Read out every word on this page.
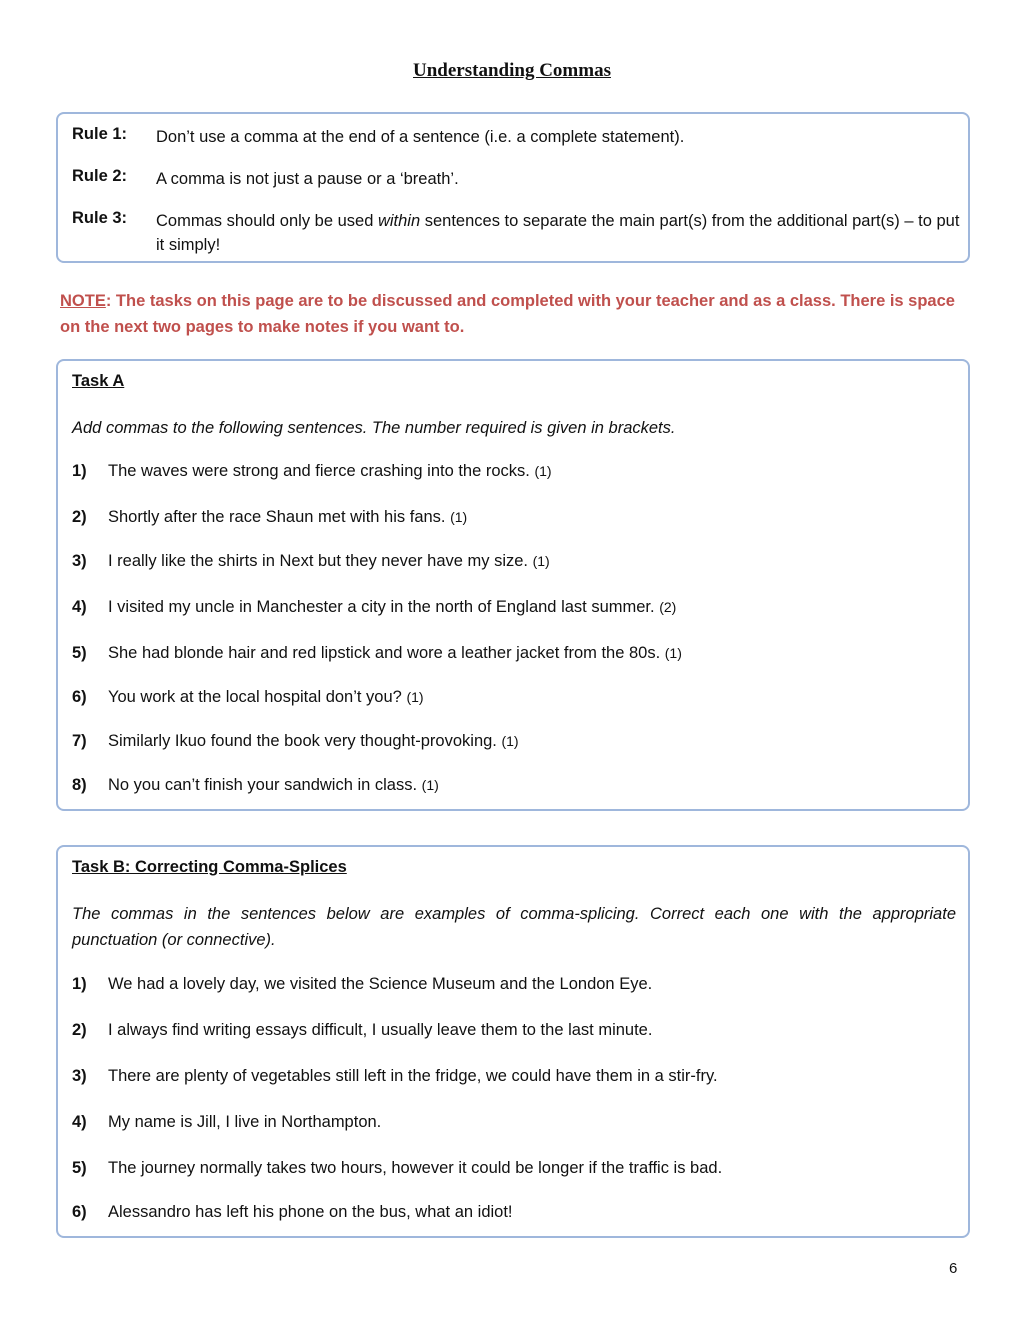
Understanding Commas
Rule 1: Don’t use a comma at the end of a sentence (i.e. a complete statement).
Rule 2: A comma is not just a pause or a ‘breath’.
Rule 3: Commas should only be used within sentences to separate the main part(s) from the additional part(s) – to put it simply!
NOTE: The tasks on this page are to be discussed and completed with your teacher and as a class. There is space on the next two pages to make notes if you want to.
Task A
Add commas to the following sentences. The number required is given in brackets.
1) The waves were strong and fierce crashing into the rocks. (1)
2) Shortly after the race Shaun met with his fans. (1)
3) I really like the shirts in Next but they never have my size. (1)
4) I visited my uncle in Manchester a city in the north of England last summer. (2)
5) She had blonde hair and red lipstick and wore a leather jacket from the 80s. (1)
6) You work at the local hospital don’t you? (1)
7) Similarly Ikuo found the book very thought-provoking. (1)
8) No you can’t finish your sandwich in class. (1)
Task B: Correcting Comma-Splices
The commas in the sentences below are examples of comma-splicing. Correct each one with the appropriate punctuation (or connective).
1) We had a lovely day, we visited the Science Museum and the London Eye.
2) I always find writing essays difficult, I usually leave them to the last minute.
3) There are plenty of vegetables still left in the fridge, we could have them in a stir-fry.
4) My name is Jill, I live in Northampton.
5) The journey normally takes two hours, however it could be longer if the traffic is bad.
6) Alessandro has left his phone on the bus, what an idiot!
6
